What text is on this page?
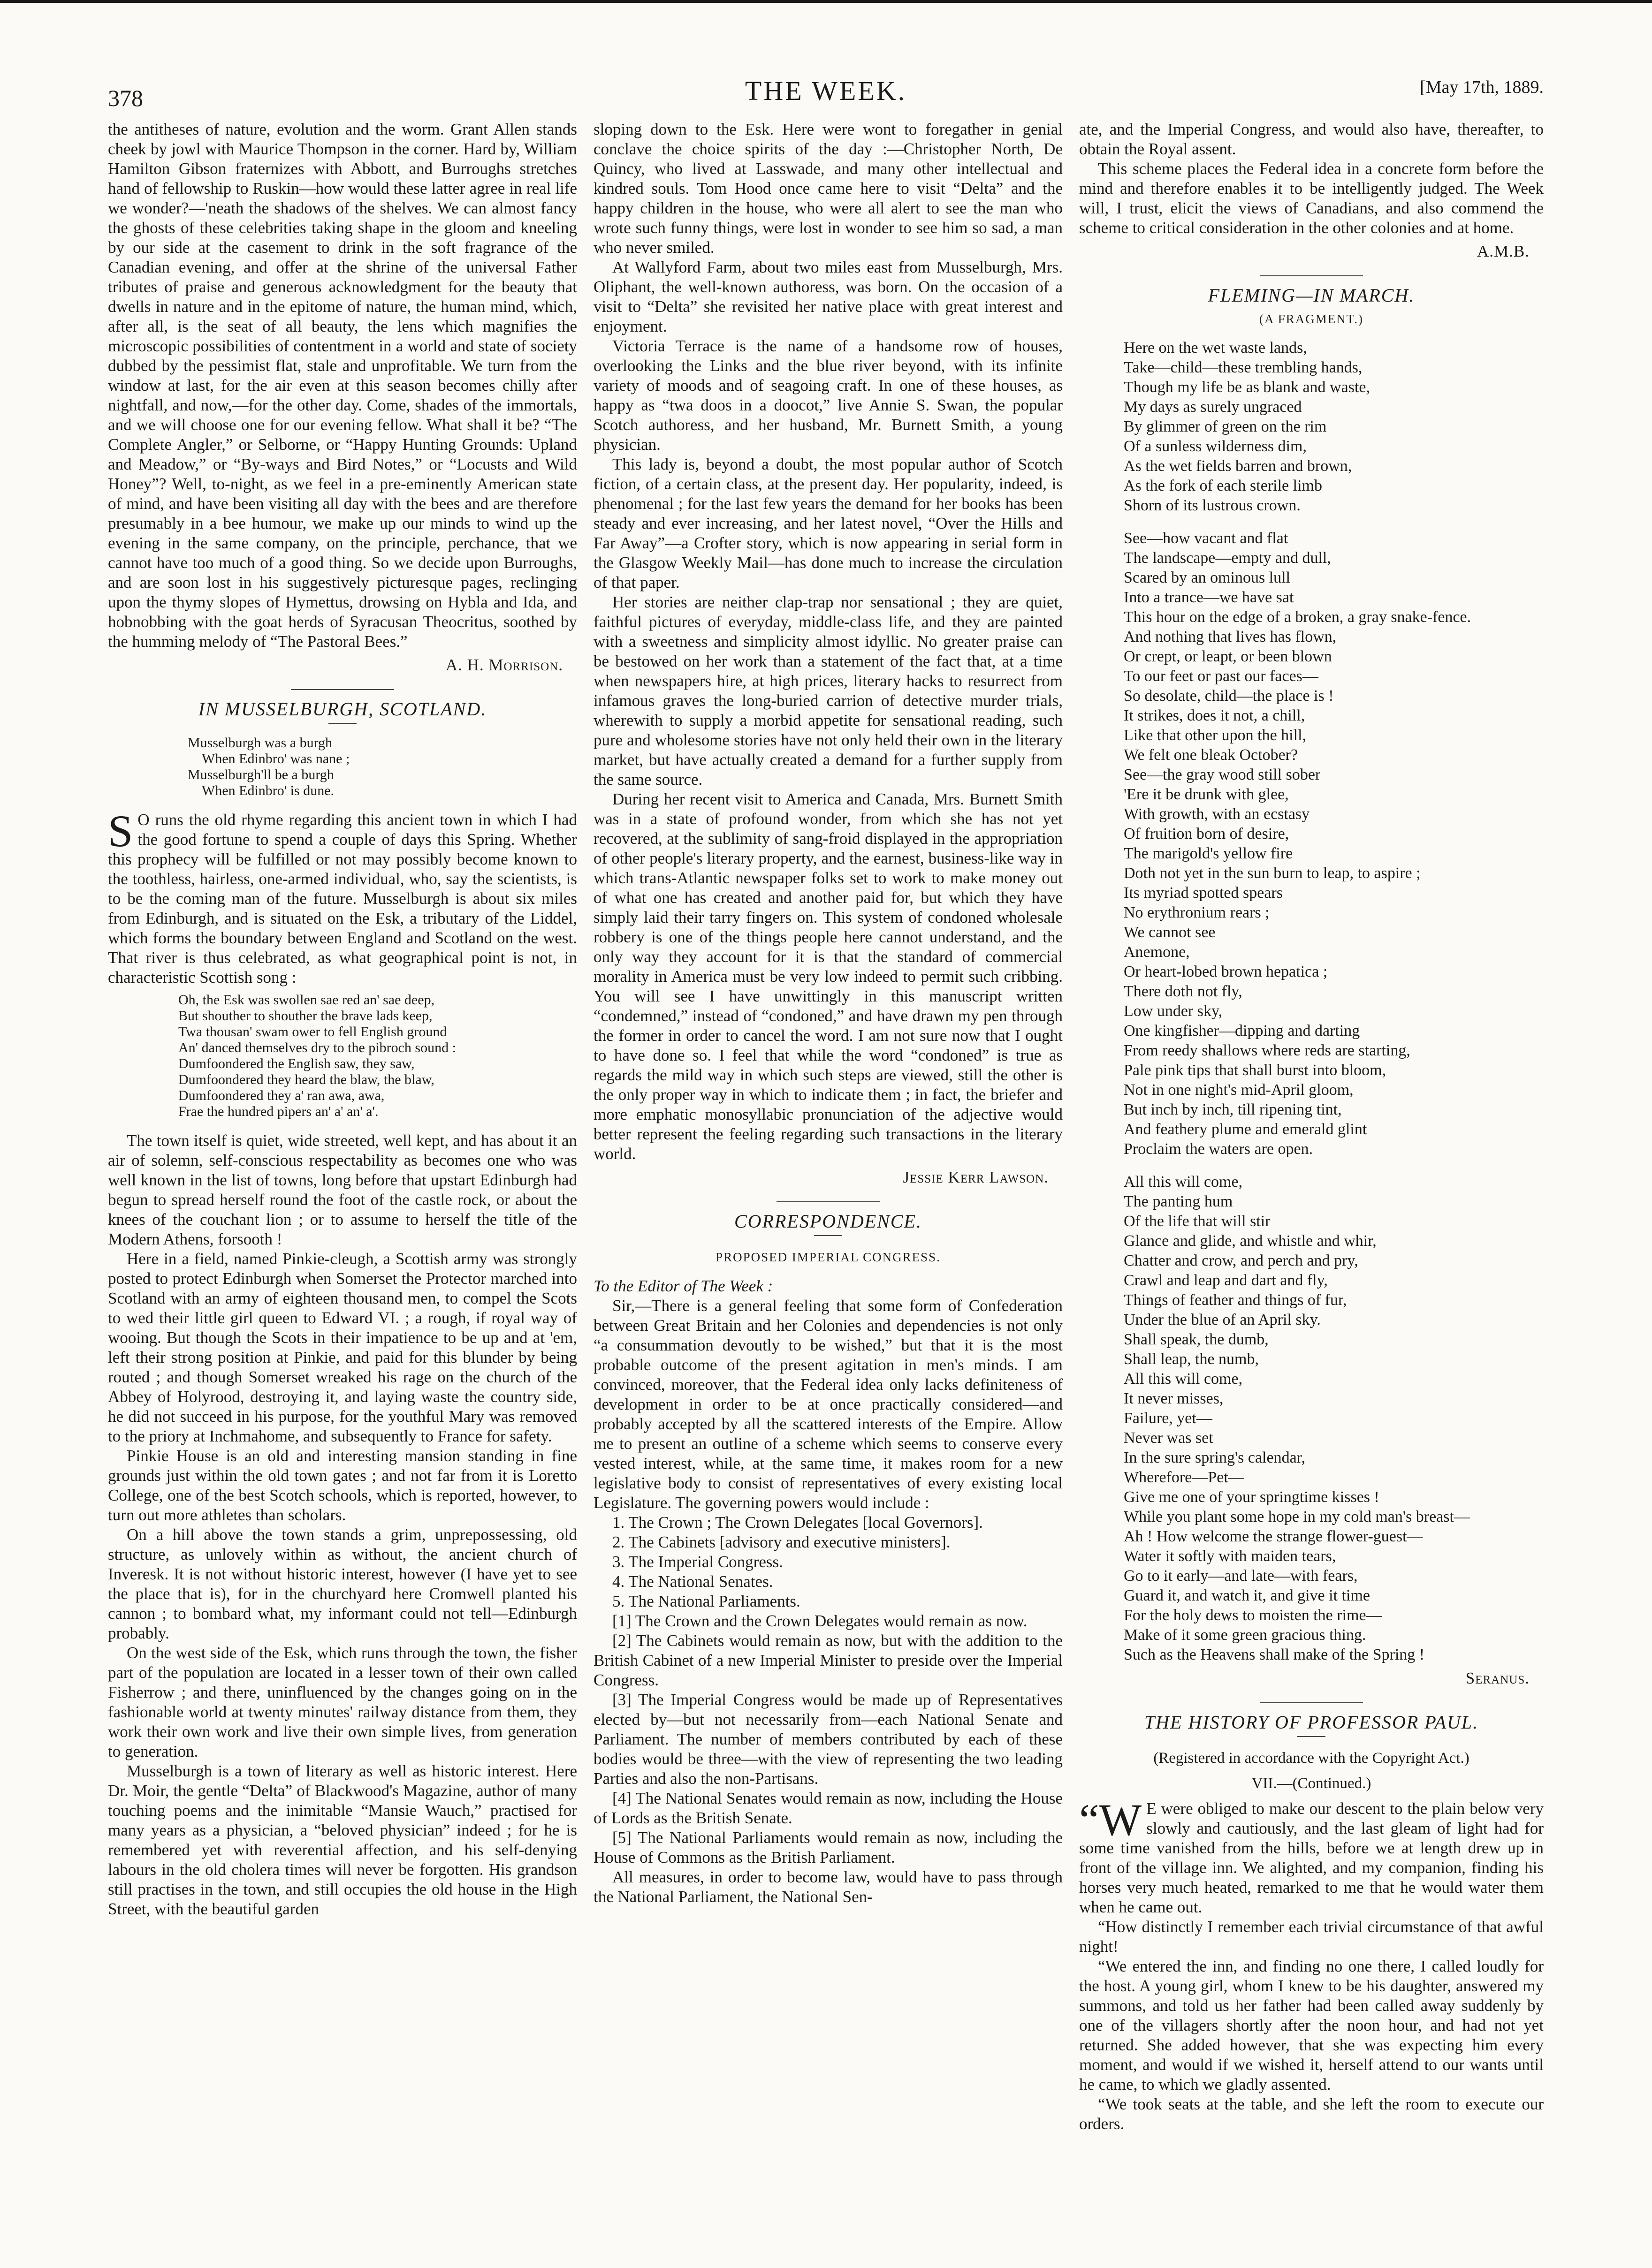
378	THE WEEK.	[May 17th, 1889.

the antitheses of nature, evolution and the worm. Grant Allen stands cheek by jowl with Maurice Thompson in the corner. Hard by, William Hamilton Gibson fraternizes with Abbott, and Burroughs stretches hand of fellowship to Ruskin—how would these latter agree in real life we wonder?—'neath the shadows of the shelves. We can almost fancy the ghosts of these celebrities taking shape in the gloom and kneeling by our side at the casement to drink in the soft fragrance of the Canadian evening, and offer at the shrine of the universal Father tributes of praise and generous acknowledgment for the beauty that dwells in nature and in the epitome of nature, the human mind, which, after all, is the seat of all beauty, the lens which magnifies the microscopic possibilities of contentment in a world and state of society dubbed by the pessimist flat, stale and unprofitable. We turn from the window at last, for the air even at this season becomes chilly after nightfall, and now,—for the other day. Come, shades of the immortals, and we will choose one for our evening fellow. What shall it be? “The Complete Angler,” or Selborne, or “Happy Hunting Grounds: Upland and Meadow,” or “By-ways and Bird Notes,” or “Locusts and Wild Honey”? Well, to-night, as we feel in a pre-eminently American state of mind, and have been visiting all day with the bees and are therefore presumably in a bee humour, we make up our minds to wind up the evening in the same company, on the principle, perchance, that we cannot have too much of a good thing. So we decide upon Burroughs, and are soon lost in his suggestively picturesque pages, reclinging upon the thymy slopes of Hymettus, drowsing on Hybla and Ida, and hobnobbing with the goat herds of Syracusan Theocritus, soothed by the humming melody of “The Pastoral Bees.”

A. H. Morrison.
IN MUSSELBURGH, SCOTLAND.
Musselburgh was a burgh
When Edinbro' was nane ;
Musselburgh'll be a burgh
When Edinbro' is dune.

S O runs the old rhyme regarding this ancient town in which I had the good fortune to spend a couple of days this Spring. Whether this prophecy will be fulfilled or not may possibly become known to the toothless, hairless, one-armed individual, who, say the scientists, is to be the coming man of the future. Musselburgh is about six miles from Edinburgh, and is situated on the Esk, a tributary of the Liddel, which forms the boundary between England and Scotland on the west. That river is thus celebrated, as what geographical point is not, in characteristic Scottish song :

Oh, the Esk was swollen sae red an' sae deep,
But shouther to shouther the brave lads keep,
Twa thousan' swam ower to fell English ground
An' danced themselves dry to the pibroch sound :
Dumfoondered the English saw, they saw,
Dumfoondered they heard the blaw, the blaw,
Dumfoondered they a' ran awa, awa,
Frae the hundred pipers an' a' an' a'.

The town itself is quiet, wide streeted, well kept, and has about it an air of solemn, self-conscious respectability as becomes one who was well known in the list of towns, long before that upstart Edinburgh had begun to spread herself round the foot of the castle rock, or about the knees of the couchant lion ; or to assume to herself the title of the Modern Athens, forsooth !

Here in a field, named Pinkie-cleugh, a Scottish army was strongly posted to protect Edinburgh when Somerset the Protector marched into Scotland with an army of eighteen thousand men, to compel the Scots to wed their little girl queen to Edward VI. ; a rough, if royal way of wooing. But though the Scots in their impatience to be up and at 'em, left their strong position at Pinkie, and paid for this blunder by being routed ; and though Somerset wreaked his rage on the church of the Abbey of Holyrood, destroying it, and laying waste the country side, he did not succeed in his purpose, for the youthful Mary was removed to the priory at Inchmahome, and subsequently to France for safety.

Pinkie House is an old and interesting mansion standing in fine grounds just within the old town gates ; and not far from it is Loretto College, one of the best Scotch schools, which is reported, however, to turn out more athletes than scholars.

On a hill above the town stands a grim, unprepossessing, old structure, as unlovely within as without, the ancient church of Inveresk. It is not without historic interest, however (I have yet to see the place that is), for in the churchyard here Cromwell planted his cannon ; to bombard what, my informant could not tell—Edinburgh probably.

On the west side of the Esk, which runs through the town, the fisher part of the population are located in a lesser town of their own called Fisherrow ; and there, uninfluenced by the changes going on in the fashionable world at twenty minutes' railway distance from them, they work their own work and live their own simple lives, from generation to generation.

Musselburgh is a town of literary as well as historic interest. Here Dr. Moir, the gentle “Delta” of Blackwood's Magazine, author of many touching poems and the inimitable “Mansie Wauch,” practised for many years as a physician, a “beloved physician” indeed ; for he is remembered yet with reverential affection, and his self-denying labours in the old cholera times will never be forgotten. His grandson still practises in the town, and still occupies the old house in the High Street, with the beautiful garden

sloping down to the Esk. Here were wont to foregather in genial conclave the choice spirits of the day :—Christopher North, De Quincy, who lived at Lasswade, and many other intellectual and kindred souls. Tom Hood once came here to visit “Delta” and the happy children in the house, who were all alert to see the man who wrote such funny things, were lost in wonder to see him so sad, a man who never smiled.

At Wallyford Farm, about two miles east from Musselburgh, Mrs. Oliphant, the well-known authoress, was born. On the occasion of a visit to “Delta” she revisited her native place with great interest and enjoyment.

Victoria Terrace is the name of a handsome row of houses, overlooking the Links and the blue river beyond, with its infinite variety of moods and of seagoing craft. In one of these houses, as happy as “twa doos in a doocot,” live Annie S. Swan, the popular Scotch authoress, and her husband, Mr. Burnett Smith, a young physician.

This lady is, beyond a doubt, the most popular author of Scotch fiction, of a certain class, at the present day. Her popularity, indeed, is phenomenal ; for the last few years the demand for her books has been steady and ever increasing, and her latest novel, “Over the Hills and Far Away”—a Crofter story, which is now appearing in serial form in the Glasgow Weekly Mail—has done much to increase the circulation of that paper.

Her stories are neither clap-trap nor sensational ; they are quiet, faithful pictures of everyday, middle-class life, and they are painted with a sweetness and simplicity almost idyllic. No greater praise can be bestowed on her work than a statement of the fact that, at a time when newspapers hire, at high prices, literary hacks to resurrect from infamous graves the long-buried carrion of detective murder trials, wherewith to supply a morbid appetite for sensational reading, such pure and wholesome stories have not only held their own in the literary market, but have actually created a demand for a further supply from the same source.

During her recent visit to America and Canada, Mrs. Burnett Smith was in a state of profound wonder, from which she has not yet recovered, at the sublimity of sang-froid displayed in the appropriation of other people's literary property, and the earnest, business-like way in which trans-Atlantic newspaper folks set to work to make money out of what one has created and another paid for, but which they have simply laid their tarry fingers on. This system of condoned wholesale robbery is one of the things people here cannot understand, and the only way they account for it is that the standard of commercial morality in America must be very low indeed to permit such cribbing. You will see I have unwittingly in this manuscript written “condemned,” instead of “condoned,” and have drawn my pen through the former in order to cancel the word. I am not sure now that I ought to have done so. I feel that while the word “condoned” is true as regards the mild way in which such steps are viewed, still the other is the only proper way in which to indicate them ; in fact, the briefer and more emphatic monosyllabic pronunciation of the adjective would better represent the feeling regarding such transactions in the literary world.

Jessie Kerr Lawson.
CORRESPONDENCE.
PROPOSED IMPERIAL CONGRESS.

To the Editor of The Week :

Sir,—There is a general feeling that some form of Confederation between Great Britain and her Colonies and dependencies is not only “a consummation devoutly to be wished,” but that it is the most probable outcome of the present agitation in men's minds. I am convinced, moreover, that the Federal idea only lacks definiteness of development in order to be at once practically considered—and probably accepted by all the scattered interests of the Empire. Allow me to present an outline of a scheme which seems to conserve every vested interest, while, at the same time, it makes room for a new legislative body to consist of representatives of every existing local Legislature. The governing powers would include :

1. The Crown ; The Crown Delegates [local Governors].
2. The Cabinets [advisory and executive ministers].
3. The Imperial Congress.
4. The National Senates.
5. The National Parliaments.

[1] The Crown and the Crown Delegates would remain as now.

[2] The Cabinets would remain as now, but with the addition to the British Cabinet of a new Imperial Minister to preside over the Imperial Congress.

[3] The Imperial Congress would be made up of Representatives elected by—but not necessarily from—each National Senate and Parliament. The number of members contributed by each of these bodies would be three—with the view of representing the two leading Parties and also the non-Partisans.

[4] The National Senates would remain as now, including the House of Lords as the British Senate.

[5] The National Parliaments would remain as now, including the House of Commons as the British Parliament.

All measures, in order to become law, would have to pass through the National Parliament, the National Sen-

ate, and the Imperial Congress, and would also have, thereafter, to obtain the Royal assent.

This scheme places the Federal idea in a concrete form before the mind and therefore enables it to be intelligently judged. The Week will, I trust, elicit the views of Canadians, and also commend the scheme to critical consideration in the other colonies and at home.

A.M.B.
FLEMING—IN MARCH.
(A FRAGMENT.)
Here on the wet waste lands,
Take—child—these trembling hands,
Though my life be as blank and waste,
My days as surely ungraced
By glimmer of green on the rim
Of a sunless wilderness dim,
As the wet fields barren and brown,
As the fork of each sterile limb
Shorn of its lustrous crown.
See—how vacant and flat
The landscape—empty and dull,
Scared by an ominous lull
Into a trance—we have sat
This hour on the edge of a broken, a gray snake-fence.
And nothing that lives has flown,
Or crept, or leapt, or been blown
To our feet or past our faces—
So desolate, child—the place is !
It strikes, does it not, a chill,
Like that other upon the hill,
We felt one bleak October?
See—the gray wood still sober
'Ere it be drunk with glee,
With growth, with an ecstasy
Of fruition born of desire,
The marigold's yellow fire
Doth not yet in the sun burn to leap, to aspire ;
Its myriad spotted spears
No erythronium rears ;
We cannot see
Anemone,
Or heart-lobed brown hepatica ;
There doth not fly,
Low under sky,
One kingfisher—dipping and darting
From reedy shallows where reds are starting,
Pale pink tips that shall burst into bloom,
Not in one night's mid-April gloom,
But inch by inch, till ripening tint,
And feathery plume and emerald glint
Proclaim the waters are open.
All this will come,
The panting hum
Of the life that will stir
Glance and glide, and whistle and whir,
Chatter and crow, and perch and pry,
Crawl and leap and dart and fly,
Things of feather and things of fur,
Under the blue of an April sky.
Shall speak, the dumb,
Shall leap, the numb,
All this will come,
It never misses,
Failure, yet—
Never was set
In the sure spring's calendar,
Wherefore—Pet—
Give me one of your springtime kisses !
While you plant some hope in my cold man's breast—
Ah ! How welcome the strange flower-guest—
Water it softly with maiden tears,
Go to it early—and late—with fears,
Guard it, and watch it, and give it time
For the holy dews to moisten the rime—
Make of it some green gracious thing.
Such as the Heavens shall make of the Spring !
Seranus.
THE HISTORY OF PROFESSOR PAUL.
(Registered in accordance with the Copyright Act.)
VII.—(Continued.)

“W E were obliged to make our descent to the plain below very slowly and cautiously, and the last gleam of light had for some time vanished from the hills, before we at length drew up in front of the village inn. We alighted, and my companion, finding his horses very much heated, remarked to me that he would water them when he came out.

“How distinctly I remember each trivial circumstance of that awful night!

“We entered the inn, and finding no one there, I called loudly for the host. A young girl, whom I knew to be his daughter, answered my summons, and told us her father had been called away suddenly by one of the villagers shortly after the noon hour, and had not yet returned. She added however, that she was expecting him every moment, and would if we wished it, herself attend to our wants until he came, to which we gladly assented.

“We took seats at the table, and she left the room to execute our orders.
